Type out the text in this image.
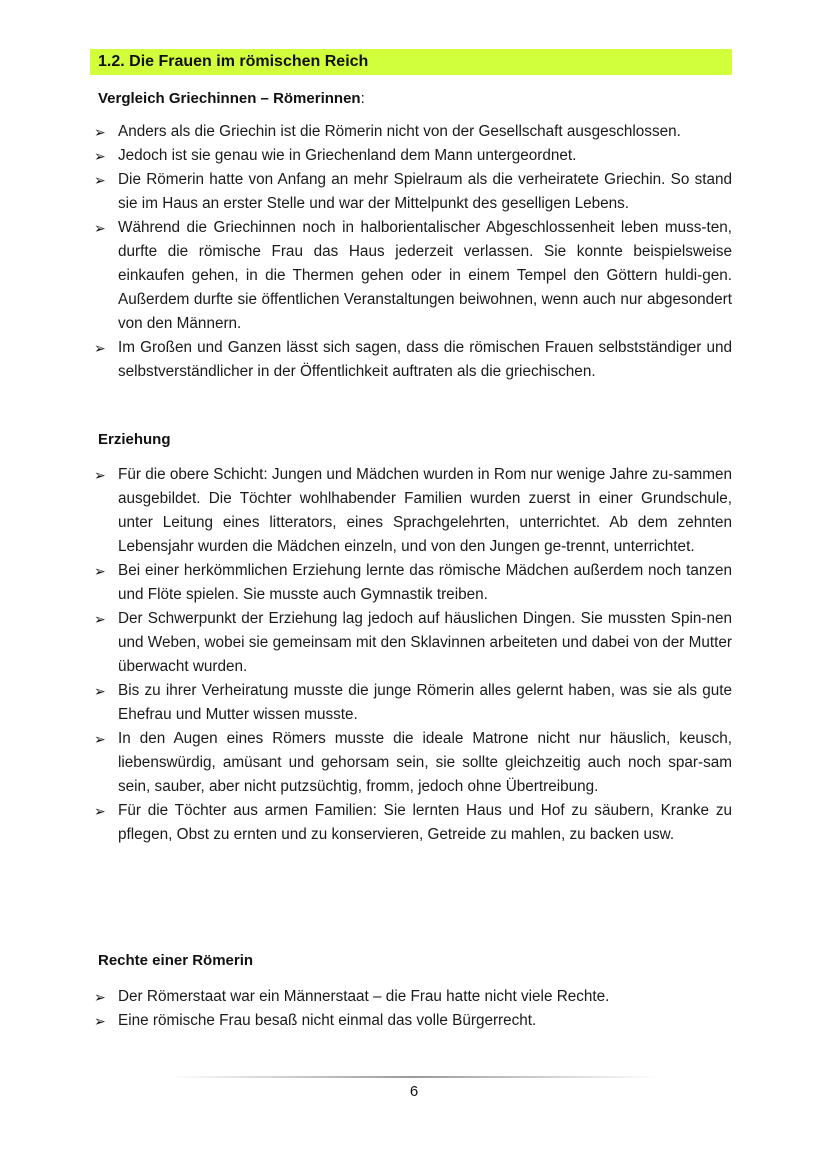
1.2. Die Frauen im römischen Reich
Vergleich Griechinnen – Römerinnen:
➢ Anders als die Griechin ist die Römerin nicht von der Gesellschaft ausgeschlossen.
➢ Jedoch ist sie genau wie in Griechenland dem Mann untergeordnet.
➢ Die Römerin hatte von Anfang an mehr Spielraum als die verheiratete Griechin. So stand sie im Haus an erster Stelle und war der Mittelpunkt des geselligen Lebens.
➢ Während die Griechinnen noch in halborientalischer Abgeschlossenheit leben muss-ten, durfte die römische Frau das Haus jederzeit verlassen. Sie konnte beispielsweise einkaufen gehen, in die Thermen gehen oder in einem Tempel den Göttern huldi-gen. Außerdem durfte sie öffentlichen Veranstaltungen beiwohnen, wenn auch nur abgesondert von den Männern.
➢ Im Großen und Ganzen lässt sich sagen, dass die römischen Frauen selbstständiger und selbstverständlicher in der Öffentlichkeit auftraten als die griechischen.
Erziehung
➢ Für die obere Schicht: Jungen und Mädchen wurden in Rom nur wenige Jahre zu-sammen ausgebildet. Die Töchter wohlhabender Familien wurden zuerst in einer Grundschule, unter Leitung eines litterators, eines Sprachgelehrten, unterrichtet. Ab dem zehnten Lebensjahr wurden die Mädchen einzeln, und von den Jungen ge-trennt, unterrichtet.
➢ Bei einer herkömmlichen Erziehung lernte das römische Mädchen außerdem noch tanzen und Flöte spielen. Sie musste auch Gymnastik treiben.
➢ Der Schwerpunkt der Erziehung lag jedoch auf häuslichen Dingen. Sie mussten Spin-nen und Weben, wobei sie gemeinsam mit den Sklavinnen arbeiteten und dabei von der Mutter überwacht wurden.
➢ Bis zu ihrer Verheiratung musste die junge Römerin alles gelernt haben, was sie als gute Ehefrau und Mutter wissen musste.
➢ In den Augen eines Römers musste die ideale Matrone nicht nur häuslich, keusch, liebenswürdig, amüsant und gehorsam sein, sie sollte gleichzeitig auch noch spar-sam sein, sauber, aber nicht putzsüchtig, fromm, jedoch ohne Übertreibung.
➢ Für die Töchter aus armen Familien: Sie lernten Haus und Hof zu säubern, Kranke zu pflegen, Obst zu ernten und zu konservieren, Getreide zu mahlen, zu backen usw.
Rechte einer Römerin
➢ Der Römerstaat war ein Männerstaat – die Frau hatte nicht viele Rechte.
➢ Eine römische Frau besaß nicht einmal das volle Bürgerrecht.
6
